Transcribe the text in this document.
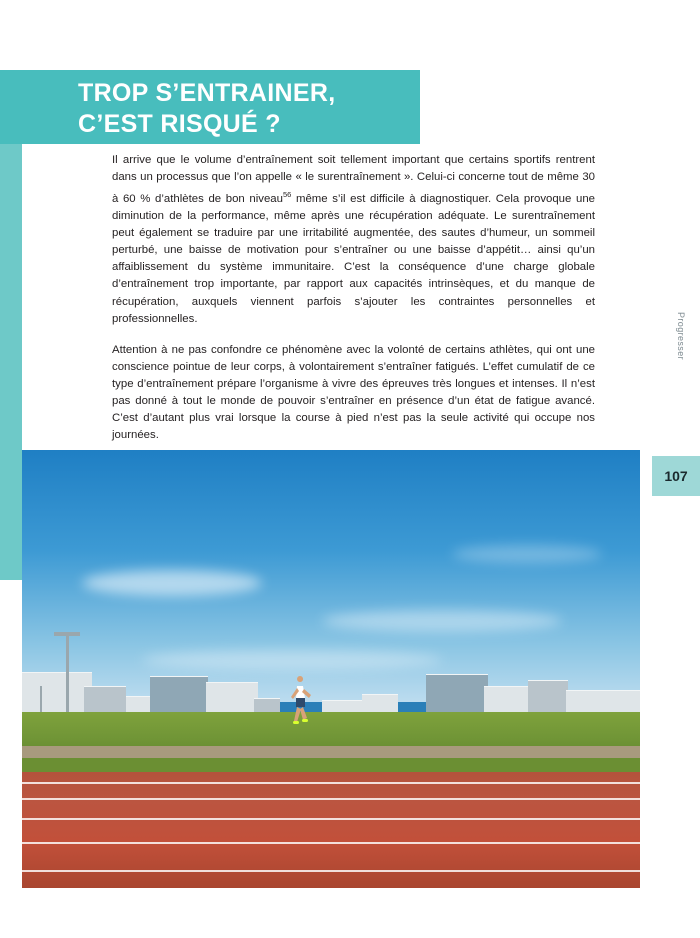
TROP S’ENTRAINER,
C’EST RISQUÉ ?

Il arrive que le volume d’entraînement soit tellement important que certains sportifs rentrent dans un processus que l’on appelle « le surentraînement ». Celui-ci concerne tout de même 30 à 60 % d’athlètes de bon niveau$^{56}$ même s’il est difficile à diagnostiquer. Cela provoque une diminution de la performance, même après une récupération adéquate. Le surentraînement peut également se traduire par une irritabilité augmentée, des sautes d’humeur, un sommeil perturbé, une baisse de motivation pour s’entraîner ou une baisse d’appétit… ainsi qu’un affaiblissement du système immunitaire. C’est la conséquence d’une charge globale d’entraînement trop importante, par rapport aux capacités intrinsèques, et du manque de récupération, auxquels viennent parfois s’ajouter les contraintes personnelles et professionnelles.

Attention à ne pas confondre ce phénomène avec la volonté de certains athlètes, qui ont une conscience pointue de leur corps, à volontairement s’entraîner fatigués. L’effet cumulatif de ce type d’entraînement prépare l’organisme à vivre des épreuves très longues et intenses. Il n’est pas donné à tout le monde de pouvoir s’entraîner en présence d’un état de fatigue avancé. C’est d’autant plus vrai lorsque la course à pied n’est pas la seule activité qui occupe nos journées.

Progresser
107
